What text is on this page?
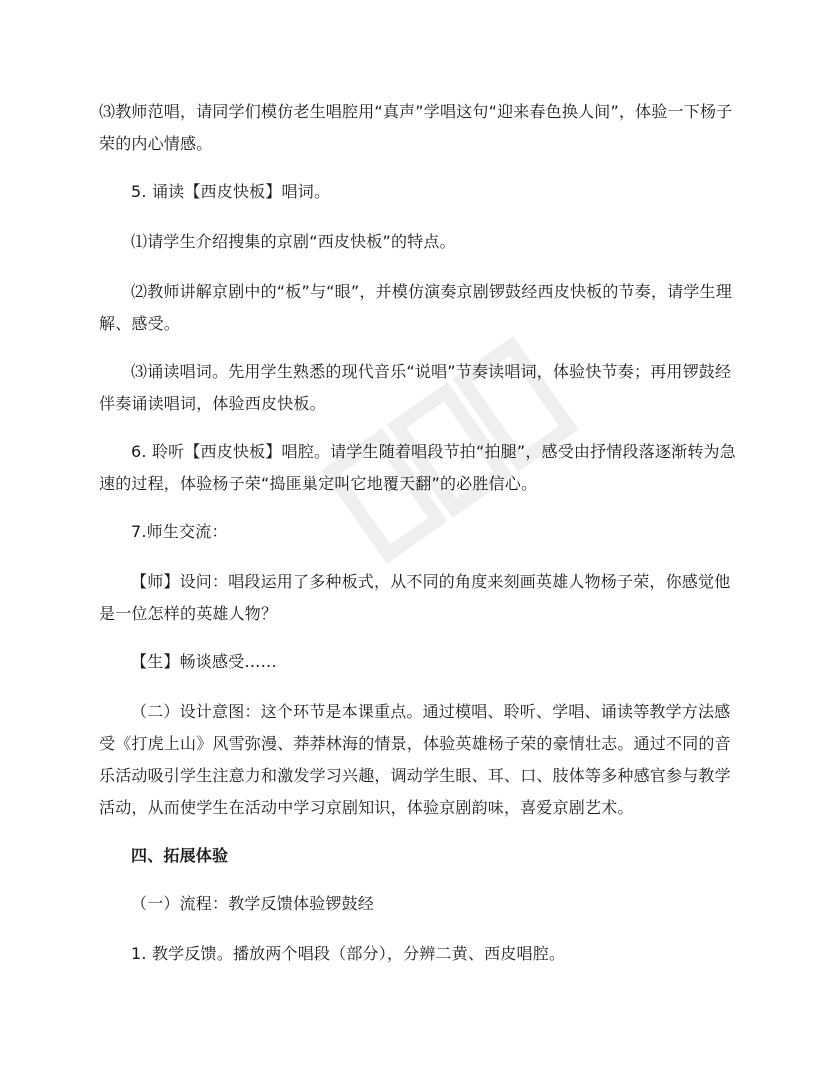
⑶教师范唱，请同学们模仿老生唱腔用“真声”学唱这句“迎来春色换人间”，体验一下杨子荣的内心情感。

5. 诵读【西皮快板】唱词。

⑴请学生介绍搜集的京剧“西皮快板”的特点。

⑵教师讲解京剧中的“板”与“眼”，并模仿演奏京剧锣鼓经西皮快板的节奏，请学生理解、感受。

⑶诵读唱词。先用学生熟悉的现代音乐“说唱”节奏读唱词，体验快节奏；再用锣鼓经伴奏诵读唱词，体验西皮快板。

6. 聆听【西皮快板】唱腔。请学生随着唱段节拍“拍腿”，感受由抒情段落逐渐转为急速的过程，体验杨子荣“捣匪巢定叫它地覆天翻”的必胜信心。

7.师生交流：

【师】设问：唱段运用了多种板式，从不同的角度来刻画英雄人物杨子荣，你感觉他是一位怎样的英雄人物？

【生】畅谈感受……

（二）设计意图：这个环节是本课重点。通过模唱、聆听、学唱、诵读等教学方法感受《打虎上山》风雪弥漫、莽莽林海的情景，体验英雄杨子荣的豪情壮志。通过不同的音乐活动吸引学生注意力和激发学习兴趣，调动学生眼、耳、口、肢体等多种感官参与教学活动，从而使学生在活动中学习京剧知识，体验京剧韵味，喜爱京剧艺术。

四、拓展体验

（一）流程：教学反馈体验锣鼓经

1. 教学反馈。播放两个唱段（部分），分辨二黄、西皮唱腔。
